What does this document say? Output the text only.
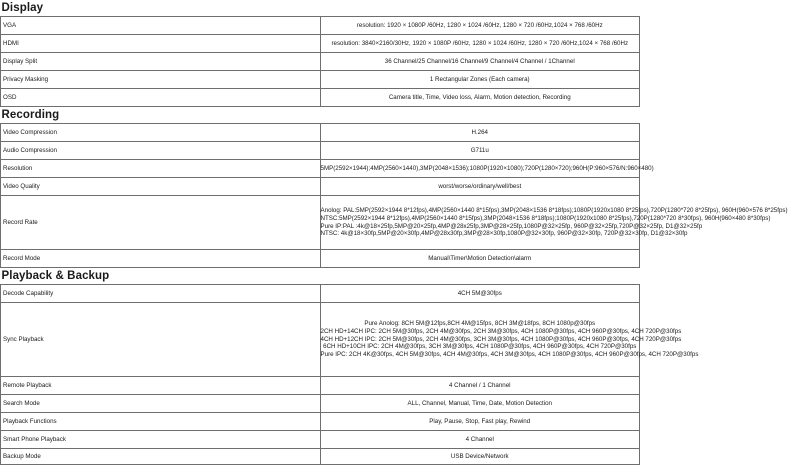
Display	
VGA	resolution: 1920 × 1080P /60Hz, 1280 × 1024 /60Hz, 1280 × 720 /60Hz,1024 × 768 /60Hz

HDMI	resolution: 3840×2160/30Hz, 1920 × 1080P /60Hz, 1280 × 1024 /60Hz, 1280 × 720 /60Hz,1024 × 768 /60Hz

Display Split	36 Channel/25 Channel/16 Channel/9 Channel/4 Channel / 1Channel

Privacy Masking	1 Rectangular Zones (Each camera)

OSD	Camera title, Time, Video loss, Alarm, Motion detection, Recording

Recording	
Video Compression	H.264

Audio Compression	G711u

Resolution	5MP(2592×1944);4MP(2560×1440),3MP(2048×1536);1080P(1920×1080);720P(1280×720);960H(P:960×576/N:960×480)

Video Quality	worst/worse/ordinary/well/best

Record Rate	Anolog: PAL:5MP(2592×1944 8*12fps),4MP(2560×1440 8*15fps),3MP(2048×1536 8*18fps);1080P(1920x1080 8*25fps),720P(1280*720 8*25fps), 960H(960×576 8*25fps)
NTSC:5MP(2592×1944 8*12fps),4MP(2560×1440 8*15fps),3MP(2048×1536 8*18fps);1080P(1920x1080 8*25fps),720P(1280*720 8*30fps), 960H(960×480 8*30fps)
Pure IP:PAL :4k@18×25fp,5MP@20×25fp,4MP@28x25fp,3MP@28×25fp,1080P@32×25fp, 960P@32×25fp,720P@32×25fp, D1@32×25fp
NTSC: 4k@18×30fp,5MP@20×30fp,4MP@28x30fp,3MP@28×30fp,1080P@32×30fp, 960P@32×30fp, 720P@32×30fp, D1@32×30fp

Record Mode	Manual\Timer\Motion Detection\alarm

Playback & Backup	
Decode Capability	4CH 5M@30fps

Sync Playback	Pure Anolog: 8CH 5M@12fps,8CH 4M@15fps, 8CH 3M@18fps, 8CH 1080p@30fps
2CH HD+14CH IPC: 2CH 5M@30fps, 2CH 4M@30fps, 2CH 3M@30fps, 4CH 1080P@30fps, 4CH 960P@30fps, 4CH 720P@30fps
4CH HD+12CH IPC: 2CH 5M@30fps, 2CH 4M@30fps, 3CH 3M@30fps, 4CH 1080P@30fps, 4CH 960P@30fps, 4CH 720P@30fps
6CH HD+10CH IPC: 2CH 4M@30fps, 3CH 3M@30fps, 4CH 1080P@30fps, 4CH 960P@30fps, 4CH 720P@30fps
Pure IPC: 2CH 4K@30fps, 4CH 5M@30fps, 4CH 4M@30fps, 4CH 3M@30fps, 4CH 1080P@30fps, 4CH 960P@30fps, 4CH 720P@30fps

Remote Playback	4 Channel / 1 Channel

Search Mode	ALL, Channel, Manual, Time, Date, Motion Detection

Playback Functions	Play, Pause, Stop, Fast play, Rewind

Smart Phone Playback	4 Channel

Backup Mode	USB Device/Network
